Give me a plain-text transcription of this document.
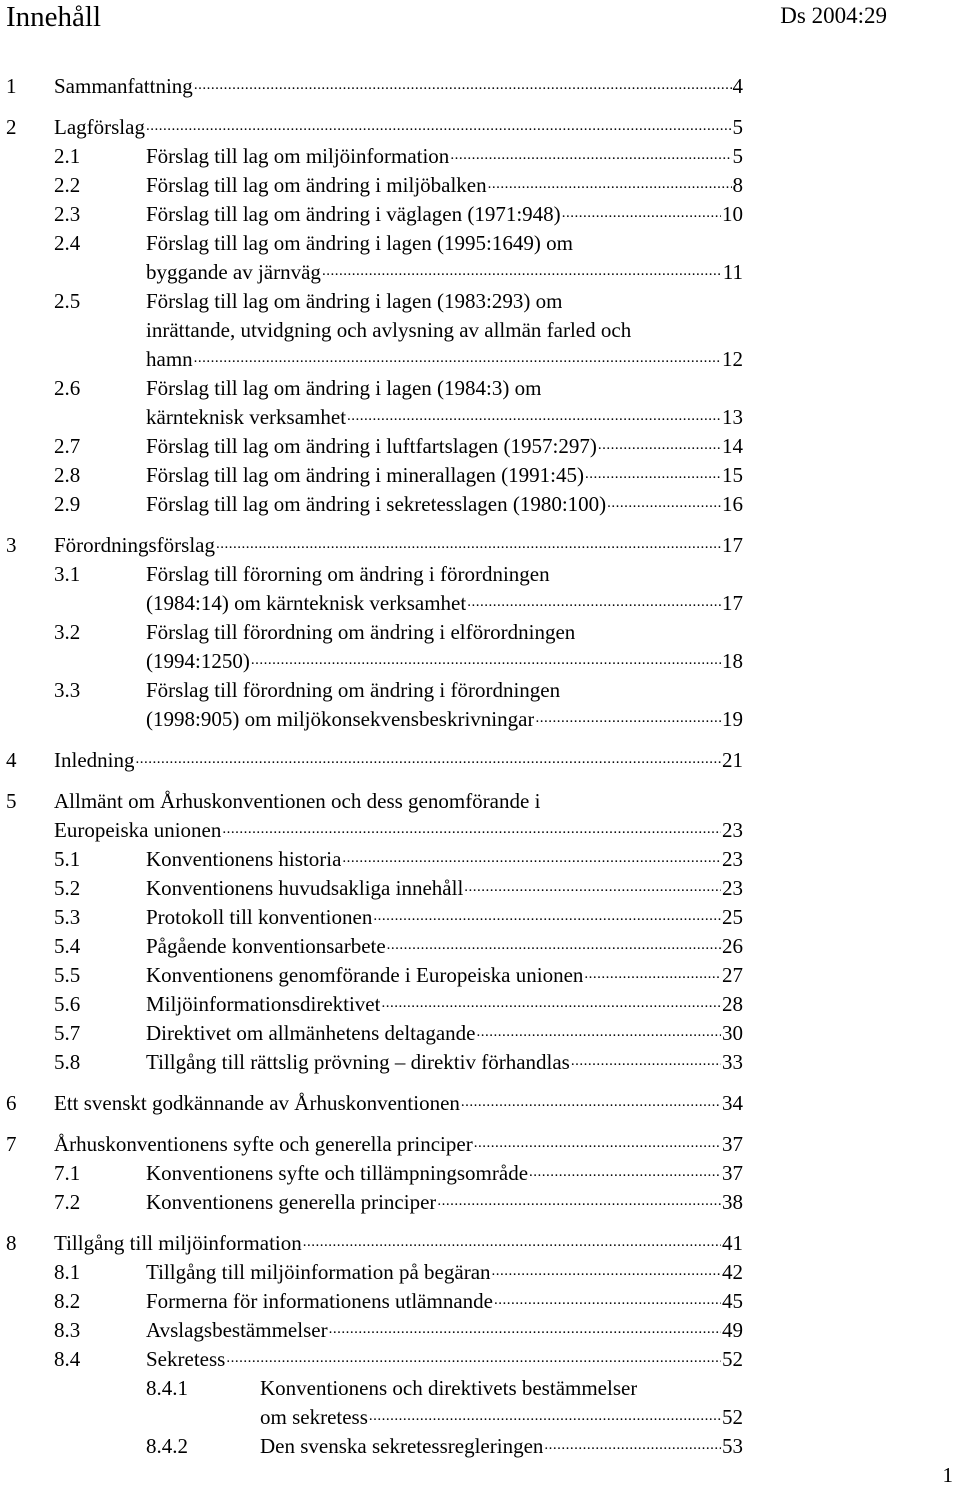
Innehåll	Ds 2004:29
1 Sammanfattning	4
.....
2 Lagförslag	5
.....
2.1	Förslag till lag om miljöinformation	5
.....
2.2	Förslag till lag om ändring i miljöbalken	8
.....
2.3	Förslag till lag om ändring i väglagen (1971:948)	10
.....
2.4	Förslag till lag om ändring i lagen (1995:1649) om
byggande av järnväg	11
.....
2.5	Förslag till lag om ändring i lagen (1983:293) om
inrättande, utvidgning och avlysning av allmän farled och
hamn	12
.....
2.6	Förslag till lag om ändring i lagen (1984:3) om
kärnteknisk verksamhet	13
.....
2.7	Förslag till lag om ändring i luftfartslagen (1957:297)	14
.....
2.8	Förslag till lag om ändring i minerallagen (1991:45)	15
.....
2.9	Förslag till lag om ändring i sekretesslagen (1980:100)	16
.....
3 Förordningsförslag	17
.....
3.1	Förslag till förorning om ändring i förordningen
(1984:14) om kärnteknisk verksamhet	17
.....
3.2	Förslag till förordning om ändring i elförordningen
(1994:1250)	18
.....
3.3	Förslag till förordning om ändring i förordningen
(1998:905) om miljökonsekvensbeskrivningar	19
.....
4 Inledning	21
.....
5 Allmänt om Århuskonventionen och dess genomförande i
Europeiska unionen	23
.....
5.1	Konventionens historia	23
.....
5.2	Konventionens huvudsakliga innehåll	23
.....
5.3	Protokoll till konventionen	25
.....
5.4	Pågående konventionsarbete	26
.....
5.5	Konventionens genomförande i Europeiska unionen	27
.....
5.6	Miljöinformationsdirektivet	28
.....
5.7	Direktivet om allmänhetens deltagande	30
.....
5.8	Tillgång till rättslig prövning – direktiv förhandlas	33
.....
6 Ett svenskt godkännande av Århuskonventionen	34
.....
7 Århuskonventionens syfte och generella principer	37
.....
7.1	Konventionens syfte och tillämpningsområde	37
.....
7.2	Konventionens generella principer	38
.....
8 Tillgång till miljöinformation	41
.....
8.1	Tillgång till miljöinformation på begäran	42
.....
8.2	Formerna för informationens utlämnande	45
.....
8.3	Avslagsbestämmelser	49
.....
8.4	Sekretess	52
.....
8.4.1	Konventionens och direktivets bestämmelser
om sekretess	52
.....
8.4.2	Den svenska sekretessregleringen	53
.....
1
